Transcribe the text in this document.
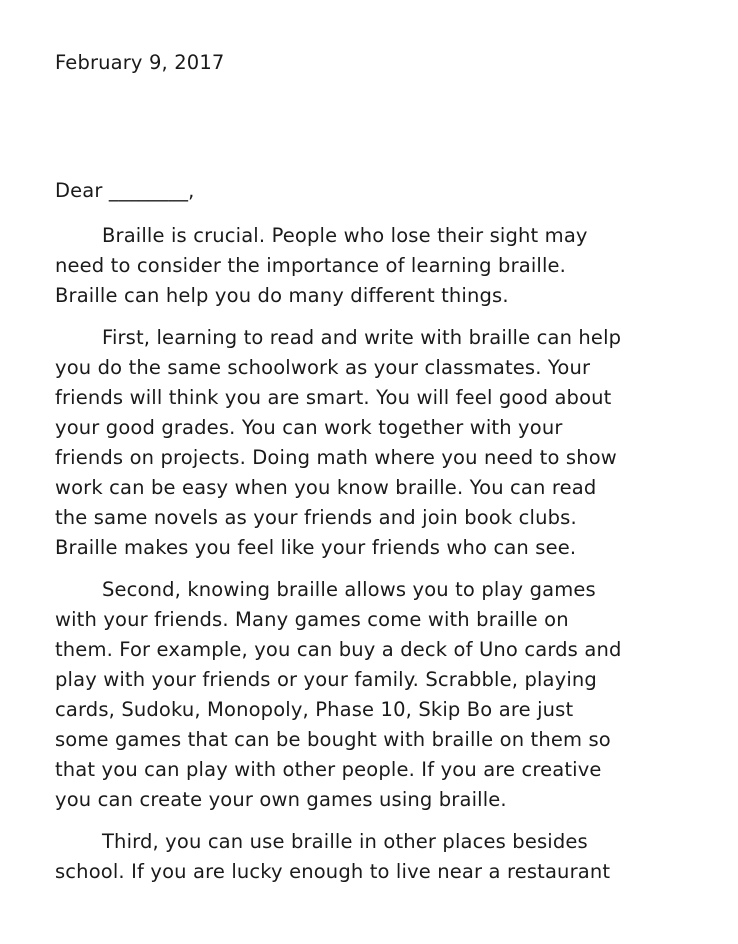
February 9, 2017

Dear ________,

Braille is crucial. People who lose their sight may
need to consider the importance of learning braille.
Braille can help you do many different things.

First, learning to read and write with braille can help
you do the same schoolwork as your classmates. Your
friends will think you are smart. You will feel good about
your good grades. You can work together with your
friends on projects. Doing math where you need to show
work can be easy when you know braille. You can read
the same novels as your friends and join book clubs.
Braille makes you feel like your friends who can see.

Second, knowing braille allows you to play games
with your friends. Many games come with braille on
them. For example, you can buy a deck of Uno cards and
play with your friends or your family. Scrabble, playing
cards, Sudoku, Monopoly, Phase 10, Skip Bo are just
some games that can be bought with braille on them so
that you can play with other people. If you are creative
you can create your own games using braille.

Third, you can use braille in other places besides
school. If you are lucky enough to live near a restaurant
